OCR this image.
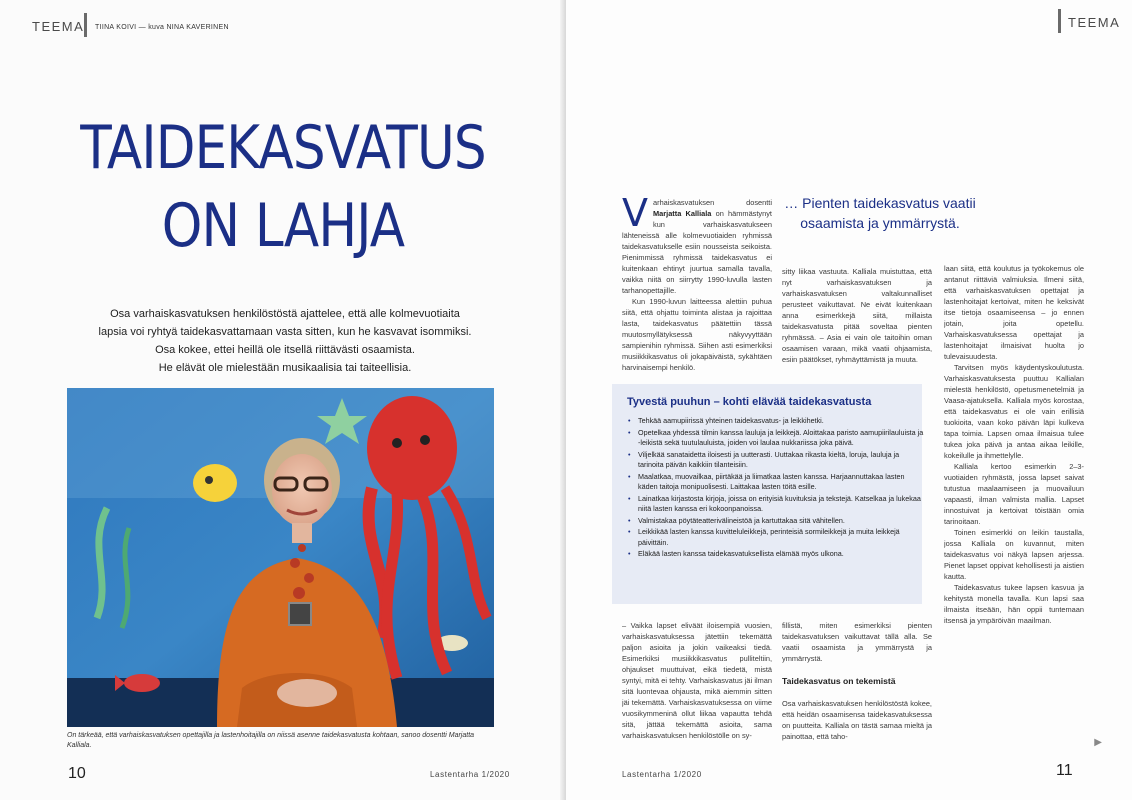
TEEMA TIINA KOIVI — kuva NINA KAVERINEN
TAIDEKASVATUS
ON LAHJA
Osa varhaiskasvatuksen henkilöstöstä ajattelee, että alle kolmevuotiaita
lapsia voi ryhtyä taidekasvattamaan vasta sitten, kun he kasvavat isommiksi.
Osa kokee, ettei heillä ole itsellä riittävästi osaamista.
He elävät ole mielestään musikaalisia tai taiteellisia.
On tärkeää, että varhaiskasvatuksen opettajilla ja lastenhoitajilla on niissä asenne taidekasvatusta kohtaan, sanoo dosentti Marjatta Kalliala.
10	Lastentarha 1/2020
TEEMA

Varhaiskasvatuksen dosentti Marjatta Kalliala on hämmästynyt kun varhaiskasvatukseen lähteneissä alle kolmevuotiaiden ryhmissä taidekasvatukselle esiin nousseista seikoista. Pienimmissä ryhmissä taidekasvatus ei kuitenkaan ehtinyt juurtua samalla tavalla, vaikka niitä on siirrytty 1990-luvulla lasten tarhanopettajille.

Kun 1990-luvun laitteessa alettiin puhua siitä, että ohjattu toiminta alistaa ja rajoittaa lasta, taidekasvatus päätettiin tässä muutosmyllätyksessä näkyvyyttään sampienihin ryhmissä. Siihen asti esimerkiksi musiikkikasvatus oli jokapäiväistä, sykähtäen harvinaisempi henkilö.

… Pienten taidekasvatus vaatii osaamista ja ymmärrystä.

sitty liikaa vastuuta. Kalliala muistuttaa, että nyt varhaiskasvatuksen ja varhaiskasvatuksen valtakunnalliset perusteet vaikuttavat. Ne eivät kuitenkaan anna esimerkkejä siitä, millaista taidekasvatusta pitää soveltaa pienten ryhmässä. – Asia ei vain ole taitoihin oman osaamisen varaan, mikä vaatii ohjaamista, esiin päätökset, ryhmäyttämistä ja muuta.

laan siitä, että koulutus ja työkokemus ole antanut riittäviä valmiuksia. Ilmeni siitä, että varhaiskasvatuksen opettajat ja lastenhoitajat kertoivat, miten he keksivät itse tietoja osaamiseensa – jo ennen jotain, joita opetellu. Varhaiskasvatuksessa opettajat ja lastenhoitajat ilmaisivat huolta jo tulevaisuudesta.

Tarvitsen myös käydentyskoulutusta. Varhaiskasvatuksesta puuttuu Kallialan mielestä henkilöstö, opetusmenetelmiä ja Vaasa-ajatuksella. Kalliala myös korostaa, että taidekasvatus ei ole vain erillisiä tuokioita, vaan koko päivän läpi kulkeva tapa toimia. Lapsen omaa ilmaisua tulee tukea joka päivä ja antaa aikaa leikille, kokeilulle ja ihmettelylle.

Kalliala kertoo esimerkin 2–3-vuotiaiden ryhmästä, jossa lapset saivat tutustua maalaamiseen ja muovailuun vapaasti, ilman valmista mallia. Lapset innostuivat ja kertoivat töistään omia tarinoitaan.

Toinen esimerkki on leikin taustalla, jossa Kalliala on kuvannut, miten taidekasvatus voi näkyä lapsen arjessa. Pienet lapset oppivat kehollisesti ja aistien kautta.

Taidekasvatus tukee lapsen kasvua ja kehitystä monella tavalla. Kun lapsi saa ilmaista itseään, hän oppii tuntemaan itsensä ja ympäröivän maailman.

Tyvestä puuhun – kohti elävää taidekasvatusta
• Tehkää aamupiirissä yhteinen taidekasvatus- ja leikkihetki.
• Opetelkaa yhdessä tilmin kanssa lauluja ja leikkejä. Aloittakaa paristo aamupiirilauluista ja -leikistä sekä tuutulauluista, joiden voi laulaa nukkariissa joka päivä.
• Viljelkää sanataidetta iloisesti ja uutterasti. Uuttakaa rikasta kieltä, loruja, lauluja ja tarinoita päivän kaikkiin tilanteisiin.
• Maalatkaa, muovailkaa, piirtäkää ja liimatkaa lasten kanssa. Harjaannuttakaa lasten käden taitoja monipuolisesti. Laittakaa lasten töitä esille.
• Lainatkaa kirjastosta kirjoja, joissa on erityisiä kuvituksia ja tekstejä. Katselkaa ja lukekaa niitä lasten kanssa eri kokoonpanoissa.
• Valmistakaa pöytäteatterivälineistöä ja kartuttakaa sitä vähitellen.
• Leikkikää lasten kanssa kuvitteluleikkejä, perinteisiä sormileikkejä ja muita leikkejä päivittäin.
• Eläkää lasten kanssa taidekasvatuksellista elämää myös ulkona.

– Vaikka lapset eliväät iloisempiä vuosien, varhaiskasvatuksessa jätettiin tekemättä paljon asioita ja jokin vaikeaksi tiedä. Esimerkiksi musiikkikasvatus pulliteltiin, ohjaukset muuttuivat, eikä tiedetä, mistä syntyi, mitä ei tehty. Varhaiskasvatus jäi ilman sitä luontevaa ohjausta, mikä aiemmin sitten jäi tekemättä. Varhaiskasvatuksessa on viime vuosikymmeninä ollut liikaa vapautta tehdä sitä, jättää tekemättä asioita, sama varhaiskasvatuksen henkilöstölle on sy-

fillistä, miten esimerkiksi pienten taidekasvatuksen vaikuttavat tällä alla. Se vaatii osaamista ja ymmärrystä ja ymmärrystä.

Taidekasvatus on tekemistä

Osa varhaiskasvatuksen henkilöstöstä kokee, että heidän osaamisensa taidekasvatuksessa on puutteita. Kalliala on tästä samaa mieltä ja painottaa, että taho-

▶
Lastentarha 1/2020	11
